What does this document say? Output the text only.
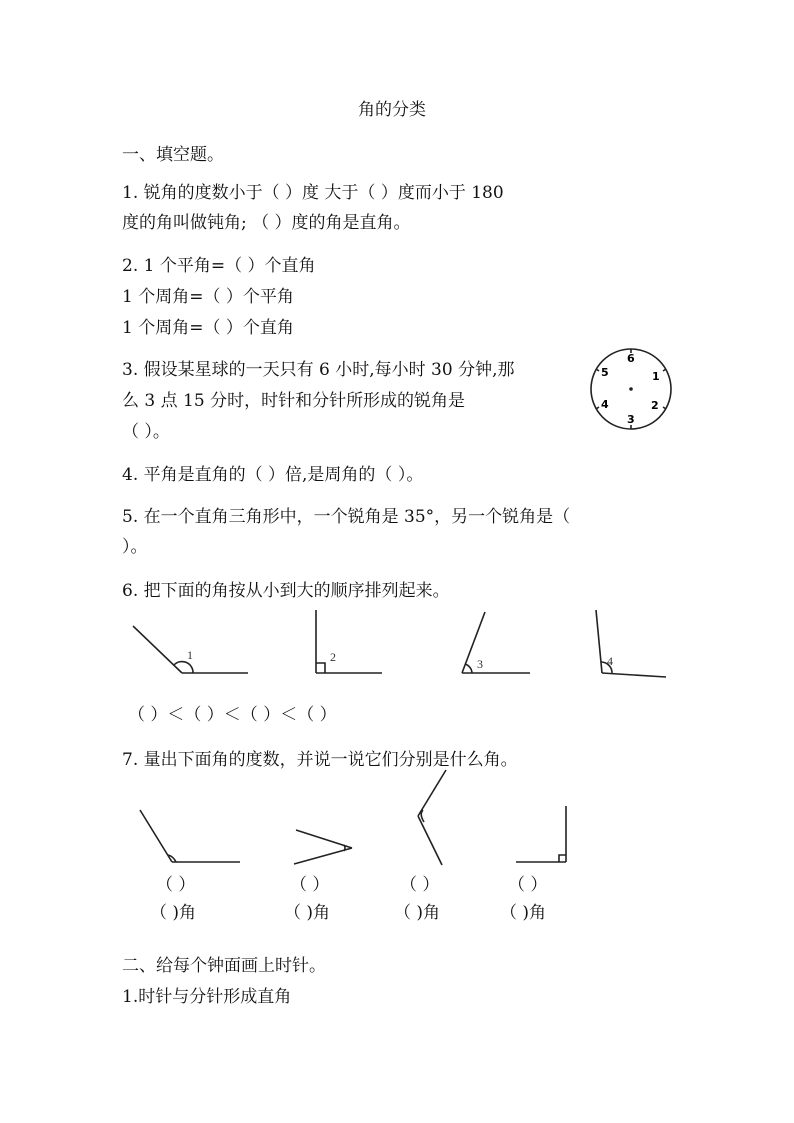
角的分类
一、填空题。
1. 锐角的度数小于（ ）度 大于（ ）度而小于 180
度的角叫做钝角; （ ）度的角是直角。
2. 1 个平角=（ ）个直角
1 个周角=（ ）个平角
1 个周角=（ ）个直角
3. 假设某星球的一天只有 6 小时,每小时 30 分钟,那
么 3 点 15 分时，时针和分针所形成的锐角是
（ ）。
6
1
2
3
4
5
4. 平角是直角的（ ）倍,是周角的（ ）。
5. 在一个直角三角形中，一个锐角是 35°，另一个锐角是（
）。
6. 把下面的角按从小到大的顺序排列起来。
1	2	3	4
（ ）＜（ ）＜（ ）＜（ ）
7. 量出下面角的度数，并说一说它们分别是什么角。
（ ）	（ ）	（ ）	（ ）
（ )角	（ )角	（ )角	（ )角
二、给每个钟面画上时针。
1.时针与分针形成直角
